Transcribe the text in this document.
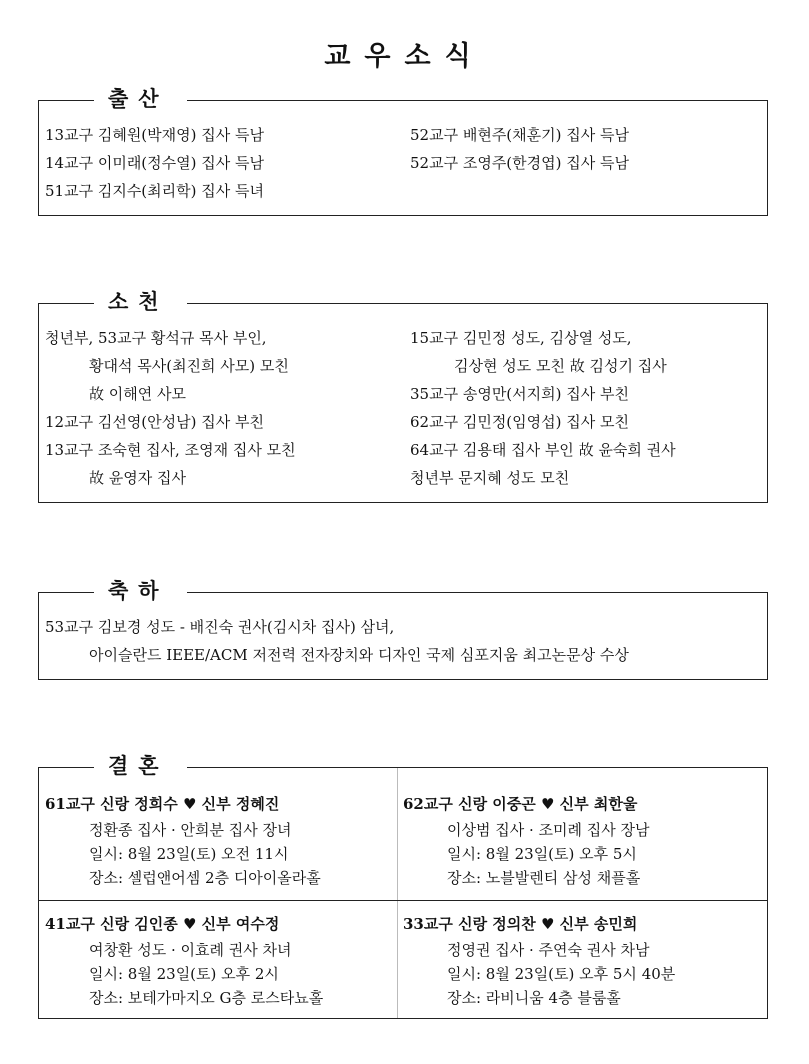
교우소식
출산
13교구 김혜원(박재영) 집사 득남
14교구 이미래(정수열) 집사 득남
51교구 김지수(최리학) 집사 득녀
52교구 배현주(채훈기) 집사 득남
52교구 조영주(한경엽) 집사 득남
소천
청년부, 53교구 황석규 목사 부인,
황대석 목사(최진희 사모) 모친
故 이해연 사모
12교구 김선영(안성남) 집사 부친
13교구 조숙현 집사, 조영재 집사 모친
故 윤영자 집사
15교구 김민정 성도, 김상열 성도,
김상현 성도 모친 故 김성기 집사
35교구 송영만(서지희) 집사 부친
62교구 김민정(임영섭) 집사 모친
64교구 김용태 집사 부인 故 윤숙희 권사
청년부 문지혜 성도 모친
축하
53교구 김보경 성도 - 배진숙 권사(김시차 집사) 삼녀,
아이슬란드 IEEE/ACM 저전력 전자장치와 디자인 국제 심포지움 최고논문상 수상
결혼
61교구 신랑 정희수 ♥ 신부 정혜진
정환종 집사 · 안희분 집사 장녀
일시: 8월 23일(토) 오전 11시
장소: 셀럽앤어셈 2층 디아이올라홀
62교구 신랑 이중곤 ♥ 신부 최한울
이상범 집사 · 조미례 집사 장남
일시: 8월 23일(토) 오후 5시
장소: 노블발렌티 삼성 채플홀
41교구 신랑 김인종 ♥ 신부 여수정
여창환 성도 · 이효례 권사 차녀
일시: 8월 23일(토) 오후 2시
장소: 보테가마지오 G층 로스타뇨홀
33교구 신랑 정의찬 ♥ 신부 송민희
정영권 집사 · 주연숙 권사 차남
일시: 8월 23일(토) 오후 5시 40분
장소: 라비니움 4층 블룸홀
